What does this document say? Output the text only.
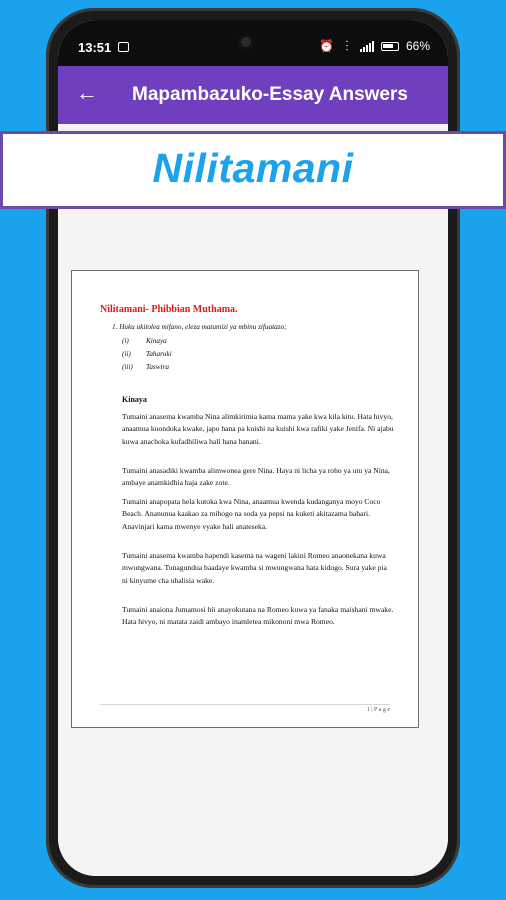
13:51	⏰ ︙	66%
← Mapambazuko-Essay Answers
Nilitamani- Phibbian Muthama.
1. Huku ukitolea mifano, eleza matumizi ya mbinu zifuatazo;
(i) Kinaya
(ii) Taharuki
(iii) Taswira
Kinaya
Tumaini anasema kwamba Nina alimkirimia kama mama yake kwa kila kitu. Hata hivyo, anaamua kuondoka kwake, japo hana pa kuishi na kuishi kwa rafiki yake Jenifa. Ni ajabu kuwa anachoka kufadhiliwa hali hana hanani.
Tumaini anasadiki kwamba alimwonea gere Nina. Haya ni licha ya roho ya utu ya Nina, ambaye anamkidhia haja zake zote.
Tumaini anapopata hela kutoka kwa Nina, anaamua kwenda kudanganya moyo Coco Beach. Ananunua kaakao za mihogo na soda ya pepsi na kuketi akitazama bahari. Anavinjari kama mwenye vyake hali anateseka.
Tumaini anasema kwamba hapendi kasema na wageni lakini Romeo anaonekana kuwa mwungwana. Tunagundua baadaye kwamba si mwungwana hata kidogo. Sura yake pia ni kinyume cha uhalisia wake.
Tumaini anaiona Jumamosi hii anayokutana na Romeo kuwa ya fanaka maishani mwake. Hata hivyo, ni matata zaidi ambayo inamletea mikononi mwa Romeo.
1 | P a g e
Nilitamani
